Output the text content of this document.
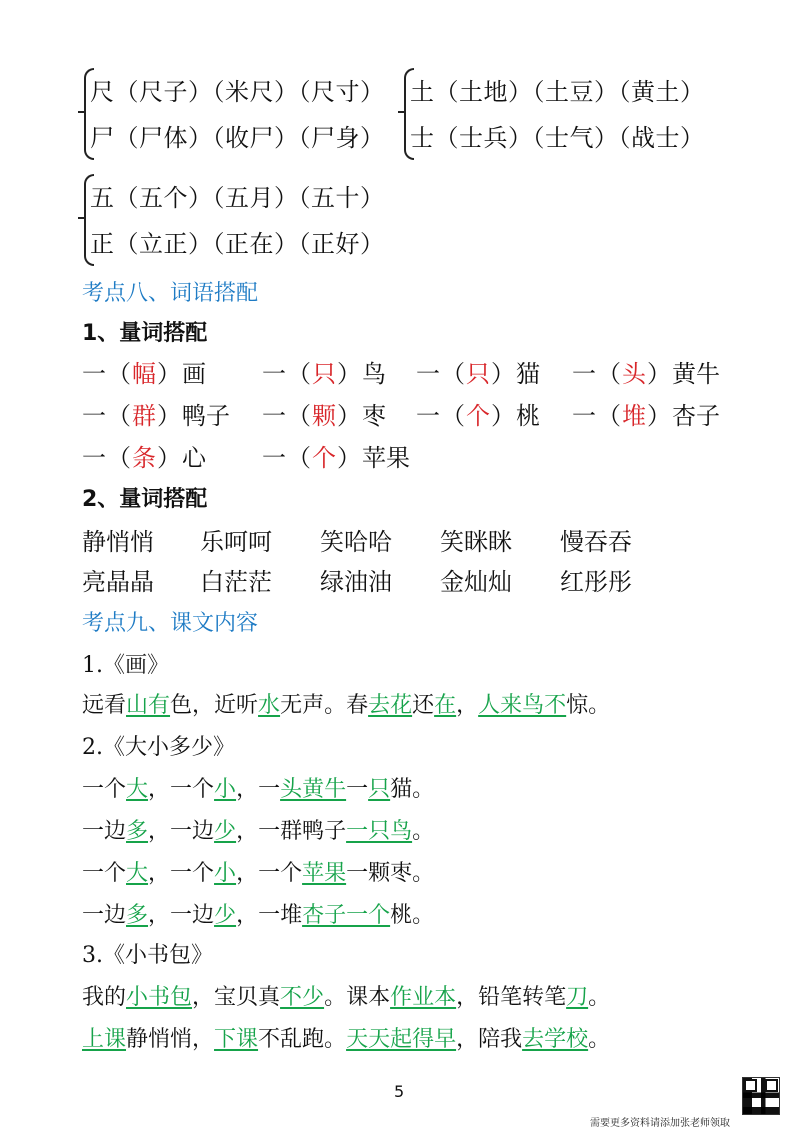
尺（尺子）（米尺）（尺寸）
尸（尸体）（收尸）（尸身）
土（土地）（土豆）（黄土）
士（士兵）（士气）（战士）
五（五个）（五月）（五十）
正（立正）（正在）（正好）
考点八、词语搭配
1、量词搭配
一（幅）画 一（只）鸟 一（只）猫 一（头）黄牛
一（群）鸭子 一（颗）枣 一（个）桃 一（堆）杏子
一（条）心 一（个）苹果
2、量词搭配
静悄悄 乐呵呵 笑哈哈 笑眯眯 慢吞吞
亮晶晶 白茫茫 绿油油 金灿灿 红彤彤
考点九、课文内容
1.《画》
远看山有色，近听水无声。春去花还在，人来鸟不惊。
2.《大小多少》
一个大，一个小，一头黄牛一只猫。
一边多，一边少，一群鸭子一只鸟。
一个大，一个小，一个苹果一颗枣。
一边多，一边少，一堆杏子一个桃。
3.《小书包》
我的小书包，宝贝真不少。课本作业本，铅笔转笔刀。
上课静悄悄，下课不乱跑。天天起得早，陪我去学校。
5
需要更多资料请添加张老师领取
